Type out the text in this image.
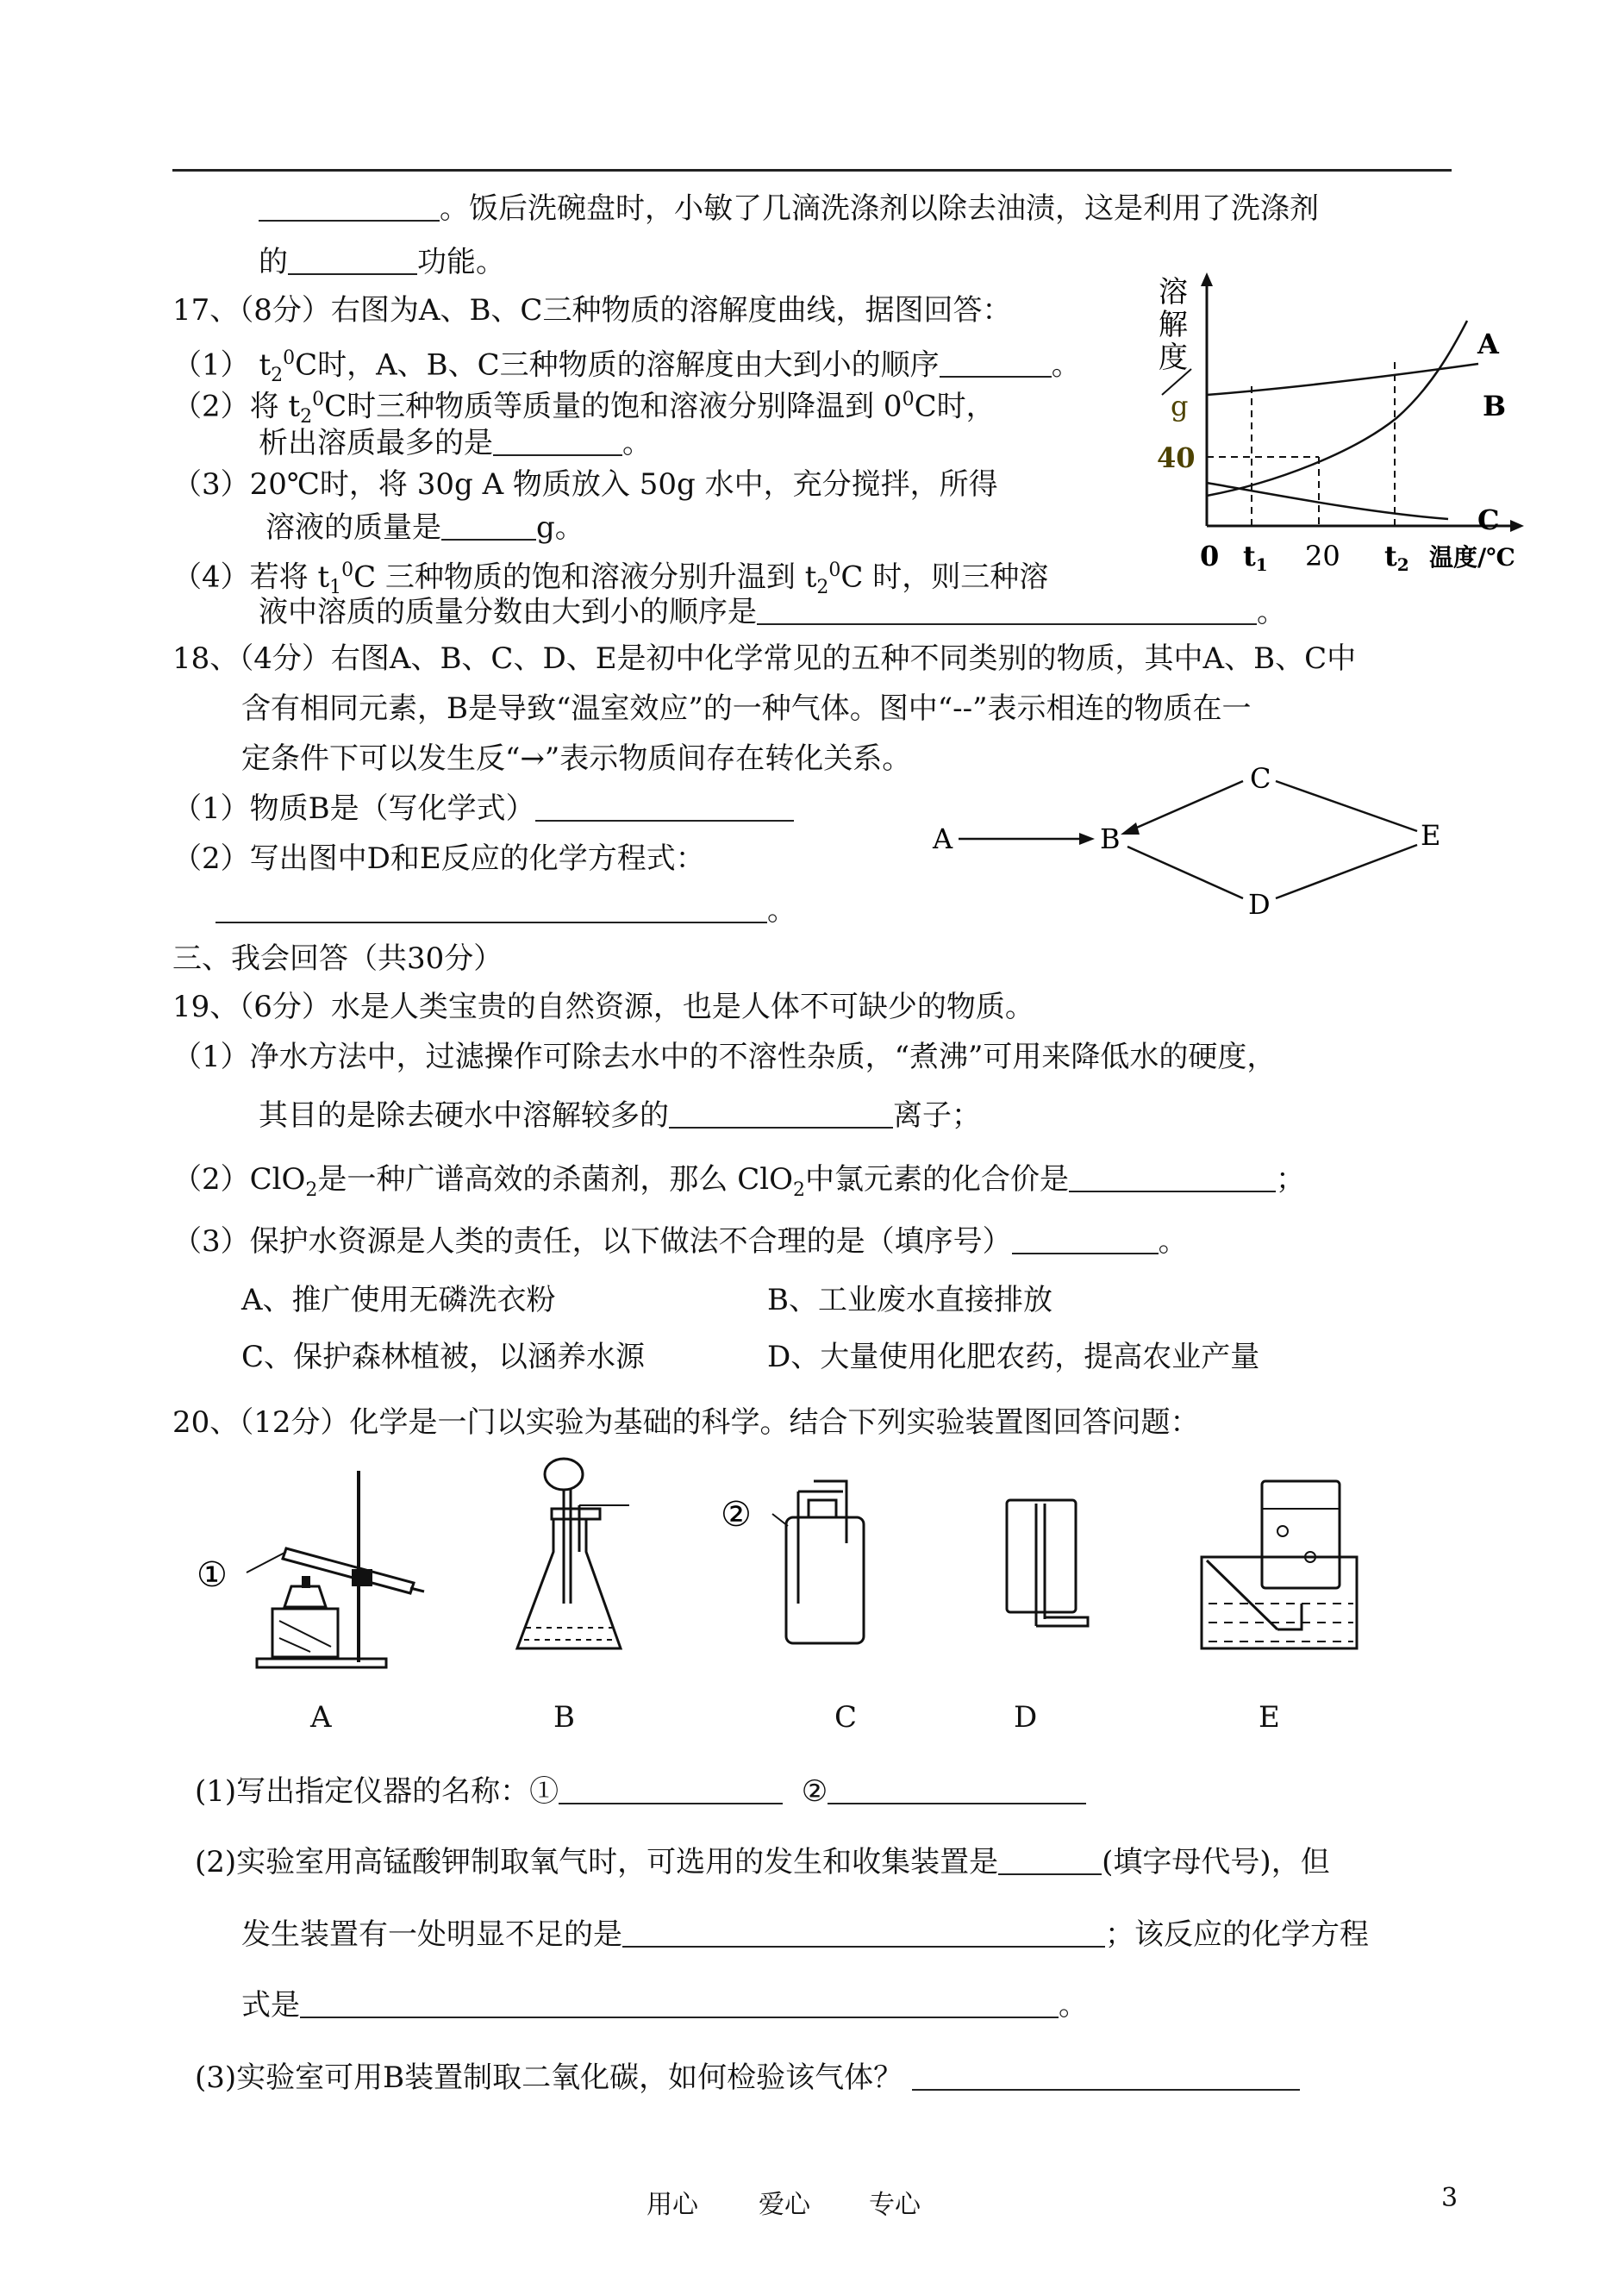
。饭后洗碗盘时，小敏了几滴洗涤剂以除去油渍，这是利用了洗涤剂
的	功能。
17、（8分）右图为A、B、C三种物质的溶解度曲线，据图回答：
（1） $t_2^0C$时，A、B、C三种物质的溶解度由大到小的顺序	。
（2）将 $t_2^0C$时三种物质等质量的饱和溶液分别降温到 $0^0C$时，
析出溶质最多的是	。
（3）20℃时，将 30g A 物质放入 50g 水中，充分搅拌，所得
溶液的质量是	g。
（4）若将 $t_1^0C$ 三种物质的饱和溶液分别升温到 $t_2^0C$ 时，则三种溶
液中溶质的质量分数由大到小的顺序是	。
溶
解
度
g
40
0 t1 20 t2 温度/℃
A
B
C
18、（4分）右图A、B、C、D、E是初中化学常见的五种不同类别的物质，其中A、B、C中
含有相同元素，B是导致“温室效应”的一种气体。图中“--”表示相连的物质在一
定条件下可以发生反“→”表示物质间存在转化关系。
（1）物质B是（写化学式）
（2）写出图中D和E反应的化学方程式：
。
A	B
C
E
D
三、我会回答（共30分）
19、（6分）水是人类宝贵的自然资源，也是人体不可缺少的物质。
（1）净水方法中，过滤操作可除去水中的不溶性杂质，“煮沸”可用来降低水的硬度，
其目的是除去硬水中溶解较多的	离子；
（2）ClO$_2$是一种广谱高效的杀菌剂，那么 ClO$_2$中氯元素的化合价是	；
（3）保护水资源是人类的责任，以下做法不合理的是（填序号）	。
A、推广使用无磷洗衣粉	B、工业废水直接排放
C、保护森林植被，以涵养水源	D、大量使用化肥农药，提高农业产量
20、（12分）化学是一门以实验为基础的科学。结合下列实验装置图回答问题：
①
②
A	B	C	D	E
(1)写出指定仪器的名称：①	②
(2)实验室用高锰酸钾制取氧气时，可选用的发生和收集装置是	(填字母代号)，但
发生装置有一处明显不足的是	；该反应的化学方程
式是	。
(3)实验室可用B装置制取二氧化碳，如何检验该气体？
用心 爱心 专心	3
